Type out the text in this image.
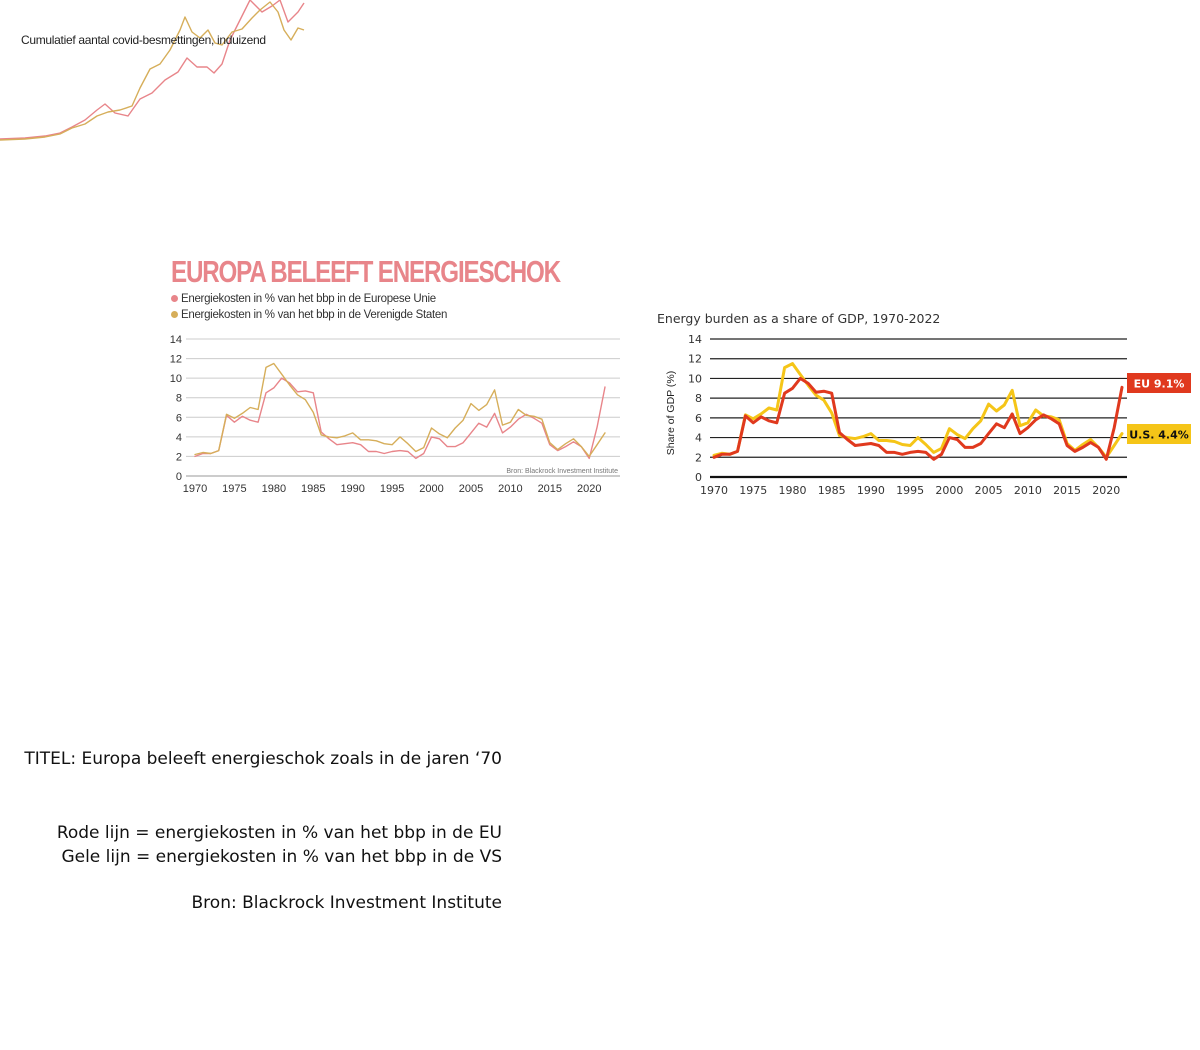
Cumulatief aantal covid-besmettingen, induizend
EUROPA BELEEFT ENERGIESCHOK
Energiekosten in % van het bbp in de Europese Unie
Energiekosten in % van het bbp in de Verenigde Staten
0
2
4
6
8
10
12
14
1970 1975 1980 1985 1990 1995 2000 2005 2010 2015 2020
Bron: Blackrock Investment Institute
Energy burden as a share of GDP, 1970-2022
Share of GDP (%)
0
2
4
6
8
10
12
14
1970 1975 1980 1985 1990 1995 2000 2005 2010 2015 2020
EU 9.1%
U.S. 4.4%
TITEL: Europa beleeft energieschok zoals in de jaren ‘70
Rode lijn = energiekosten in % van het bbp in de EU
Gele lijn = energiekosten in % van het bbp in de VS
Bron: Blackrock Investment Institute
